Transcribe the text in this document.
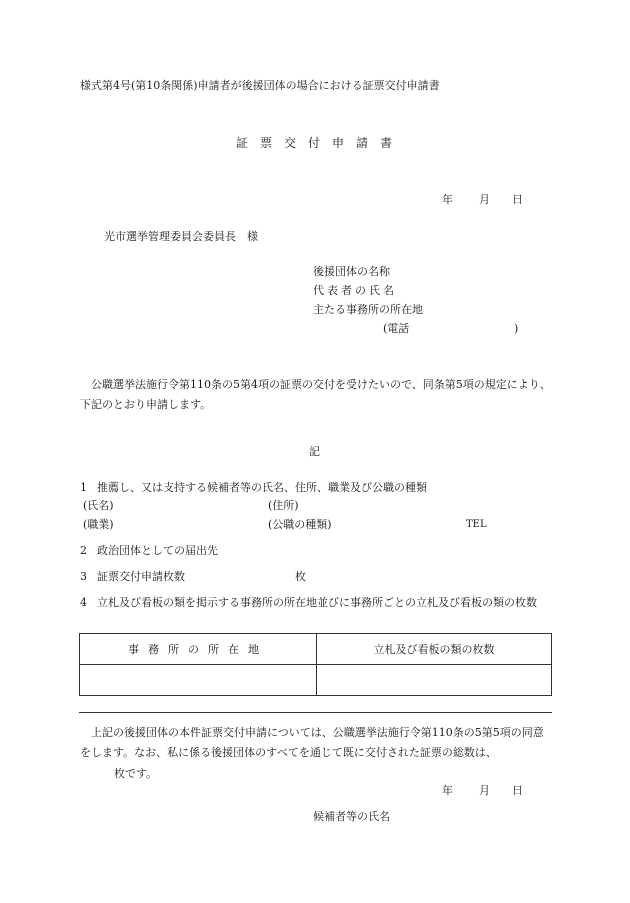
様式第4号(第10条関係)申請者が後援団体の場合における証票交付申請書
証票交付申請書
年 月 日
光市選挙管理委員会委員長　様
後援団体の名称
代表者の氏名
主たる事務所の所在地
(電話	)
公職選挙法施行令第110条の5第4項の証票の交付を受けたいので、同条第5項の規定により、下記のとおり申請します。
記
1 推薦し、又は支持する候補者等の氏名、住所、職業及び公職の種類
(氏名)	(住所)
(職業)	(公職の種類)	TEL
2 政治団体としての届出先
3 証票交付申請枚数	枚
4 立札及び看板の類を掲示する事務所の所在地並びに事務所ごとの立札及び看板の類の枚数
事務所の所在地	立札及び看板の類の枚数

上記の後援団体の本件証票交付申請については、公職選挙法施行令第110条の5第5項の同意をします。なお、私に係る後援団体のすべてを通じて既に交付された証票の総数は、
枚です。
年 月 日
候補者等の氏名
